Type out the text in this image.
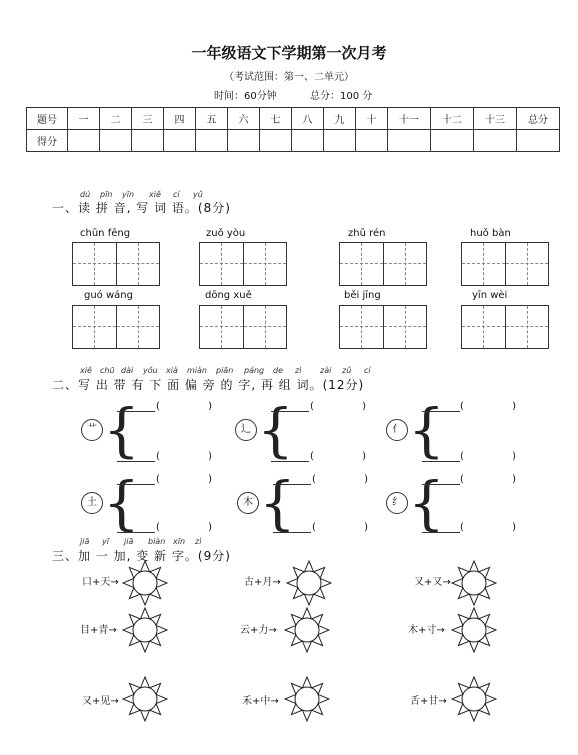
一年级语文下学期第一次月考
（考试范围：第一、二单元）
时间：60分钟	总分：100 分
题号	一	二	三	四	五	六	七	八	九	十	十一	十二	十三	总分
得分														
dú pīn yīn xiě cí yǔ
一、读 拼 音, 写 词 语。(8分)
chūn fēng	zuǒ yòu	zhǔ rén	huǒ bàn
guó wáng	dōng xuě	běi jīng	yīn wèi
xiě chū dài yǒu xià miàn piān páng de zì zài zǔ cí
二、写 出 带 有 下 面 偏 旁 的 字, 再 组 词。(12分)
艹 { (	)
(	)
辶 { (	)
(	)
亻 { (	)
(	)
土 { (	)
(	)
木 { (	)
(	)
纟 { (	)
(	)
jiā yī jiā biàn xīn zì
三、加 一 加, 变 新 字。(9分)
口+天→	古+月→	又+又→
目+青→	云+力→	木+寸→
又+见→	禾+中→	舌+甘→
